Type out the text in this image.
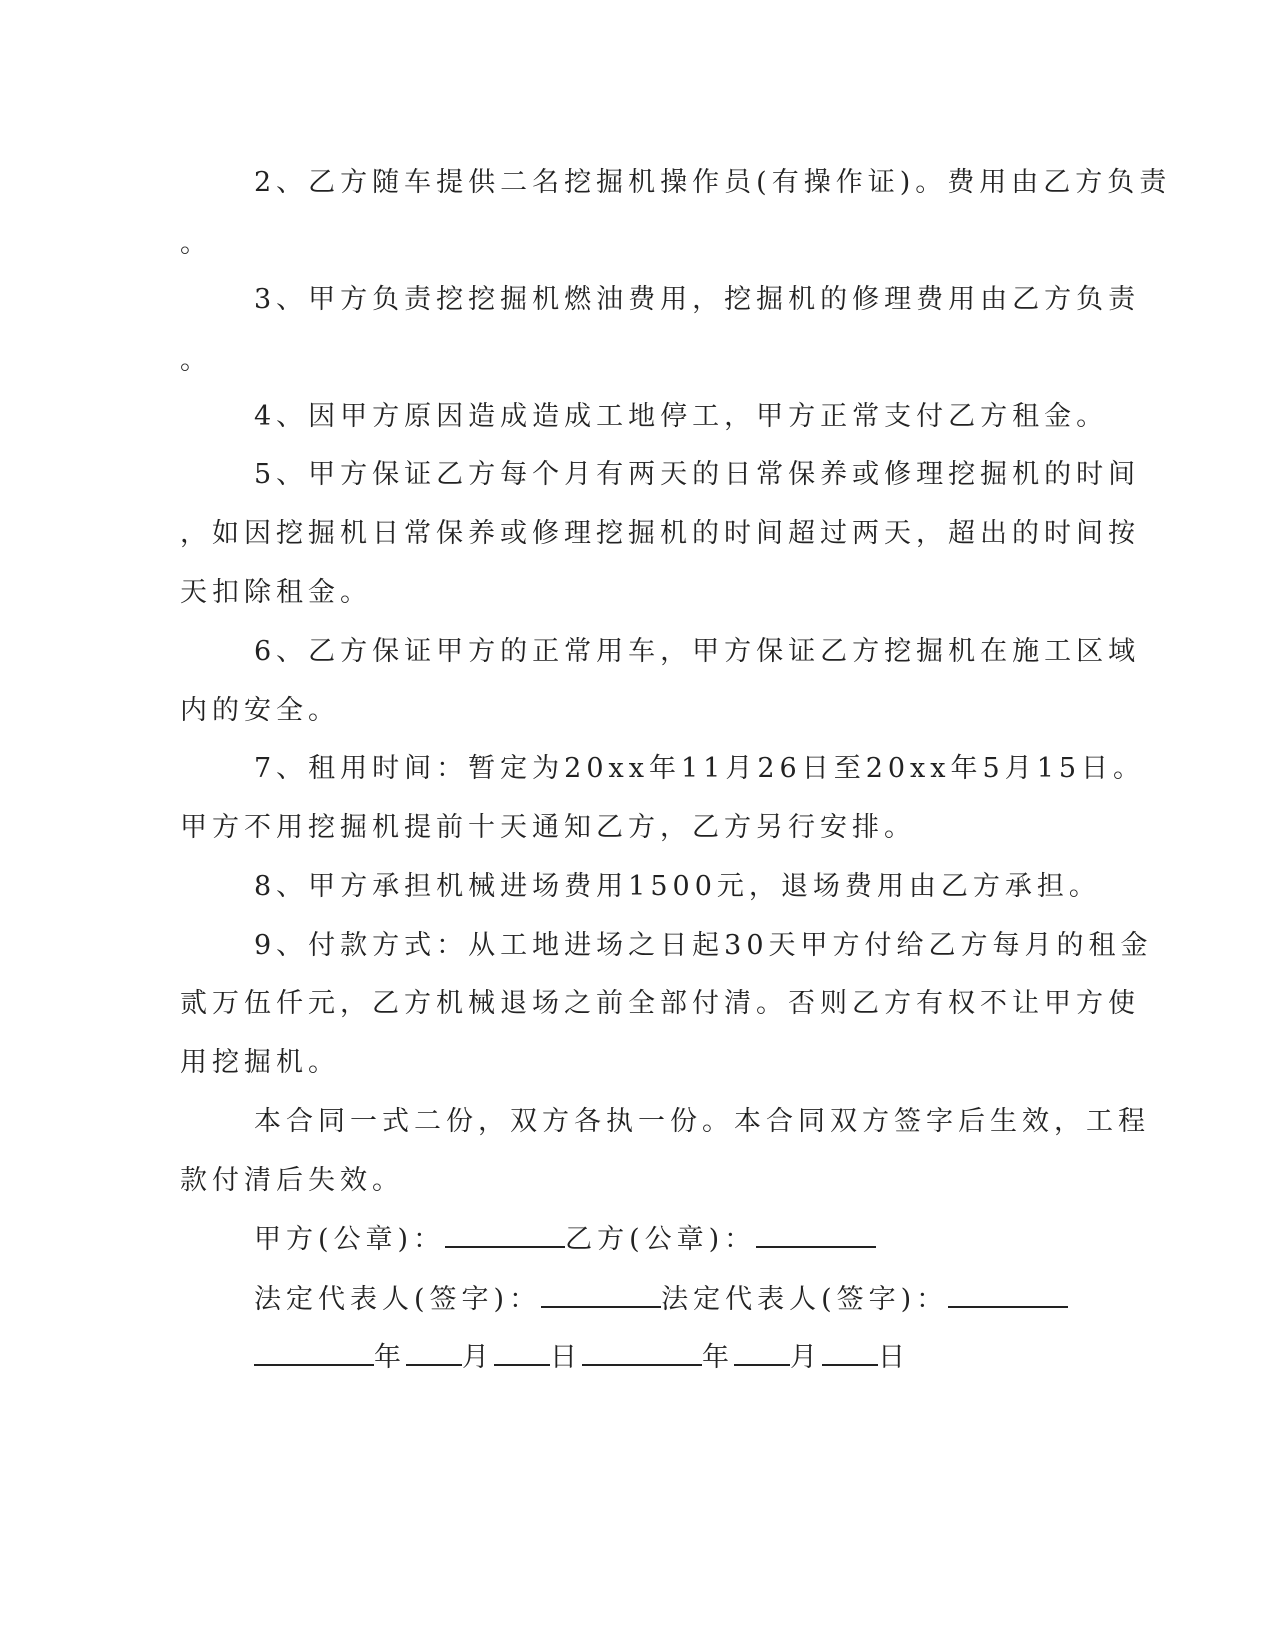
2、乙方随车提供二名挖掘机操作员(有操作证)。费用由乙方负责
。
3、甲方负责挖挖掘机燃油费用，挖掘机的修理费用由乙方负责
。
4、因甲方原因造成造成工地停工，甲方正常支付乙方租金。
5、甲方保证乙方每个月有两天的日常保养或修理挖掘机的时间
，如因挖掘机日常保养或修理挖掘机的时间超过两天，超出的时间按
天扣除租金。
6、乙方保证甲方的正常用车，甲方保证乙方挖掘机在施工区域
内的安全。
7、租用时间：暂定为20xx年11月26日至20xx年5月15日。
甲方不用挖掘机提前十天通知乙方，乙方另行安排。
8、甲方承担机械进场费用1500元，退场费用由乙方承担。
9、付款方式：从工地进场之日起30天甲方付给乙方每月的租金
贰万伍仟元，乙方机械退场之前全部付清。否则乙方有权不让甲方使
用挖掘机。
本合同一式二份，双方各执一份。本合同双方签字后生效，工程
款付清后失效。
甲方(公章)：	乙方(公章)：
法定代表人(签字)：	法定代表人(签字)：
年 月 日	年 月 日
